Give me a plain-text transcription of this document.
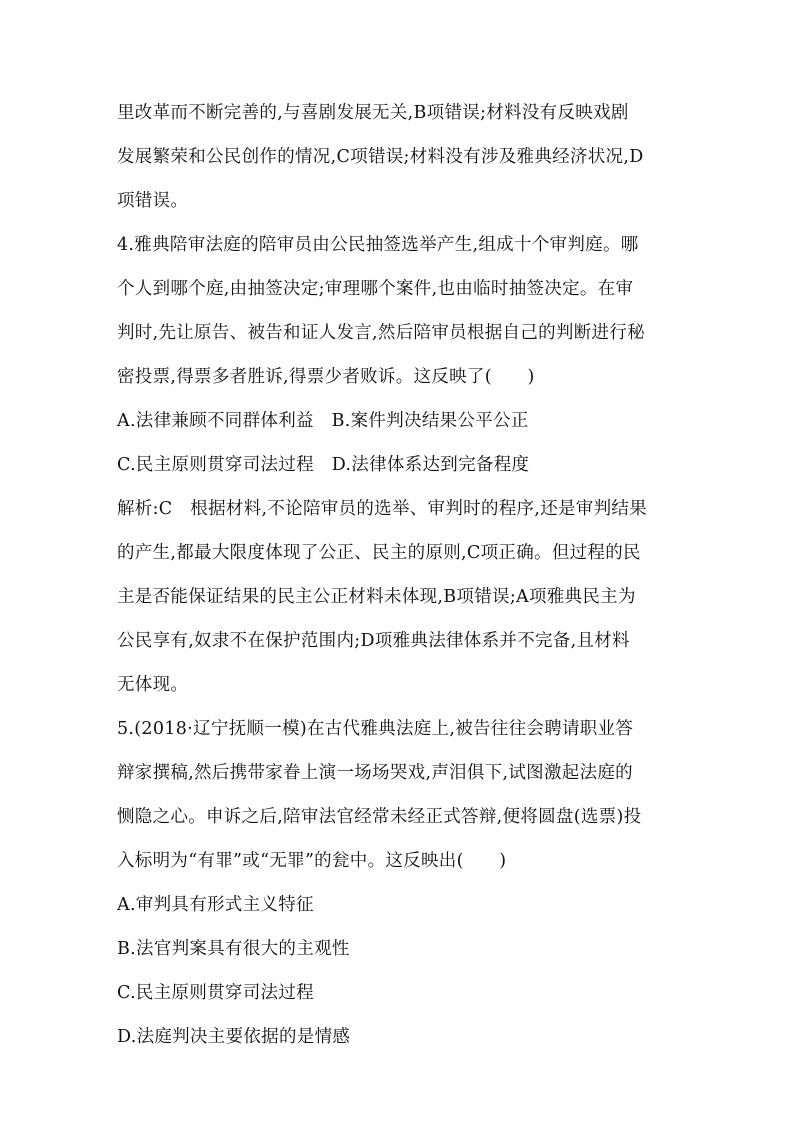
里改革而不断完善的,与喜剧发展无关,B项错误;材料没有反映戏剧
发展繁荣和公民创作的情况,C项错误;材料没有涉及雅典经济状况,D
项错误。
4.雅典陪审法庭的陪审员由公民抽签选举产生,组成十个审判庭。哪
个人到哪个庭,由抽签决定;审理哪个案件,也由临时抽签决定。在审
判时,先让原告、被告和证人发言,然后陪审员根据自己的判断进行秘
密投票,得票多者胜诉,得票少者败诉。这反映了(　　)
A.法律兼顾不同群体利益　B.案件判决结果公平公正
C.民主原则贯穿司法过程　D.法律体系达到完备程度
解析:C　根据材料,不论陪审员的选举、审判时的程序,还是审判结果
的产生,都最大限度体现了公正、民主的原则,C项正确。但过程的民
主是否能保证结果的民主公正材料未体现,B项错误;A项雅典民主为
公民享有,奴隶不在保护范围内;D项雅典法律体系并不完备,且材料
无体现。
5.(2018·辽宁抚顺一模)在古代雅典法庭上,被告往往会聘请职业答
辩家撰稿,然后携带家眷上演一场场哭戏,声泪俱下,试图激起法庭的
恻隐之心。申诉之后,陪审法官经常未经正式答辩,便将圆盘(选票)投
入标明为“有罪”或“无罪”的瓮中。这反映出(　　)
A.审判具有形式主义特征
B.法官判案具有很大的主观性
C.民主原则贯穿司法过程
D.法庭判决主要依据的是情感
